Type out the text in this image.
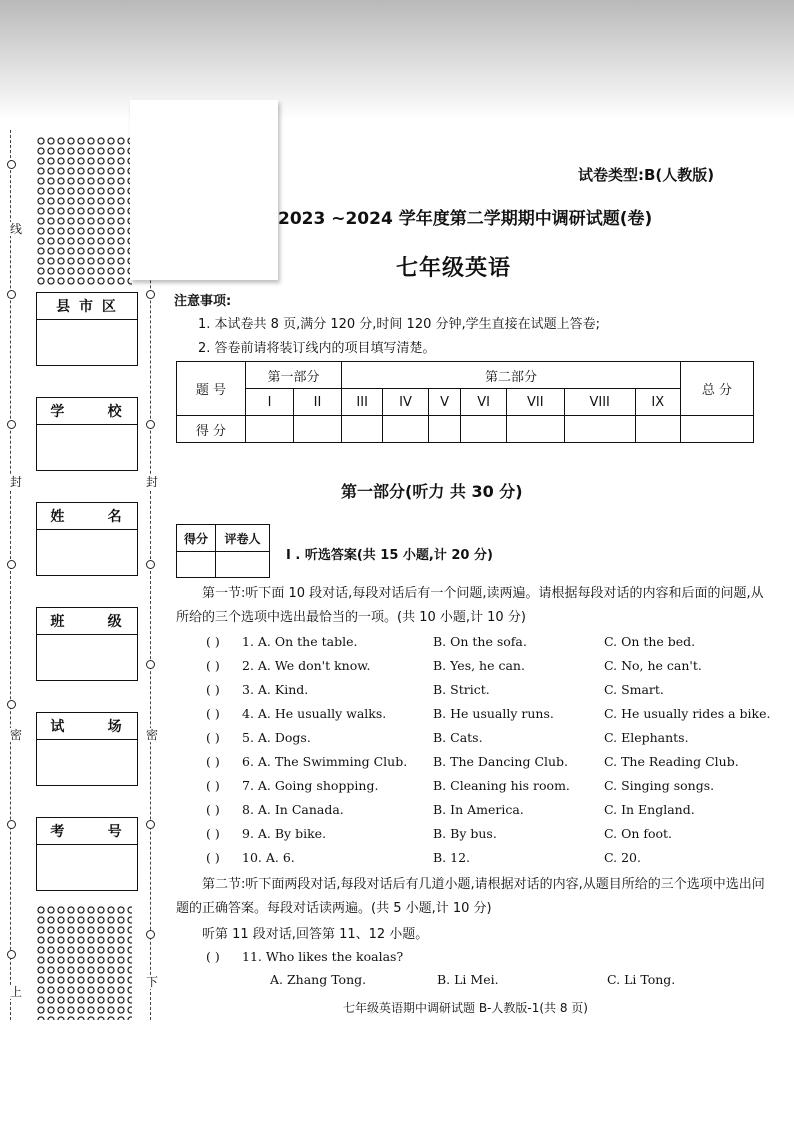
线
封	封
密	密
上
下
县 市 区
学      校
姓      名
班      级
试      场
考      号
试卷类型:B(人教版)
2023 ~2024 学年度第二学期期中调研试题(卷)
七年级英语
注意事项:
1. 本试卷共 8 页,满分 120 分,时间 120 分钟,学生直接在试题上答卷;
2. 答卷前请将装订线内的项目填写清楚。
题 号	第一部分		第二部分							总 分
	I	II	III	IV	V	VI	VII	VIII	IX	
得 分										
第一部分(听力 共 30 分)
得分	评卷人
I . 听选答案(共 15 小题,计 20 分)
第一节:听下面 10 段对话,每段对话后有一个问题,读两遍。请根据每段对话的内容和后面的问题,从所给的三个选项中选出最恰当的一项。(共 10 小题,计 10 分)
( ) 1. A. On the table.	B. On the sofa.	C. On the bed.
( ) 2. A. We don't know.	B. Yes, he can.	C. No, he can't.
( ) 3. A. Kind.	B. Strict.	C. Smart.
( ) 4. A. He usually walks.	B. He usually runs.	C. He usually rides a bike.
( ) 5. A. Dogs.	B. Cats.	C. Elephants.
( ) 6. A. The Swimming Club. B. The Dancing Club.	C. The Reading Club.
( ) 7. A. Going shopping.	B. Cleaning his room.	C. Singing songs.
( ) 8. A. In Canada.	B. In America.	C. In England.
( ) 9. A. By bike.	B. By bus.	C. On foot.
( ) 10. A. 6.	B. 12.	C. 20.
第二节:听下面两段对话,每段对话后有几道小题,请根据对话的内容,从题目所给的三个选项中选出问题的正确答案。每段对话读两遍。(共 5 小题,计 10 分)
听第 11 段对话,回答第 11、12 小题。
( ) 11. Who likes the koalas?
A. Zhang Tong.	B. Li Mei.	C. Li Tong.
七年级英语期中调研试题 B-人教版-1(共 8 页)
